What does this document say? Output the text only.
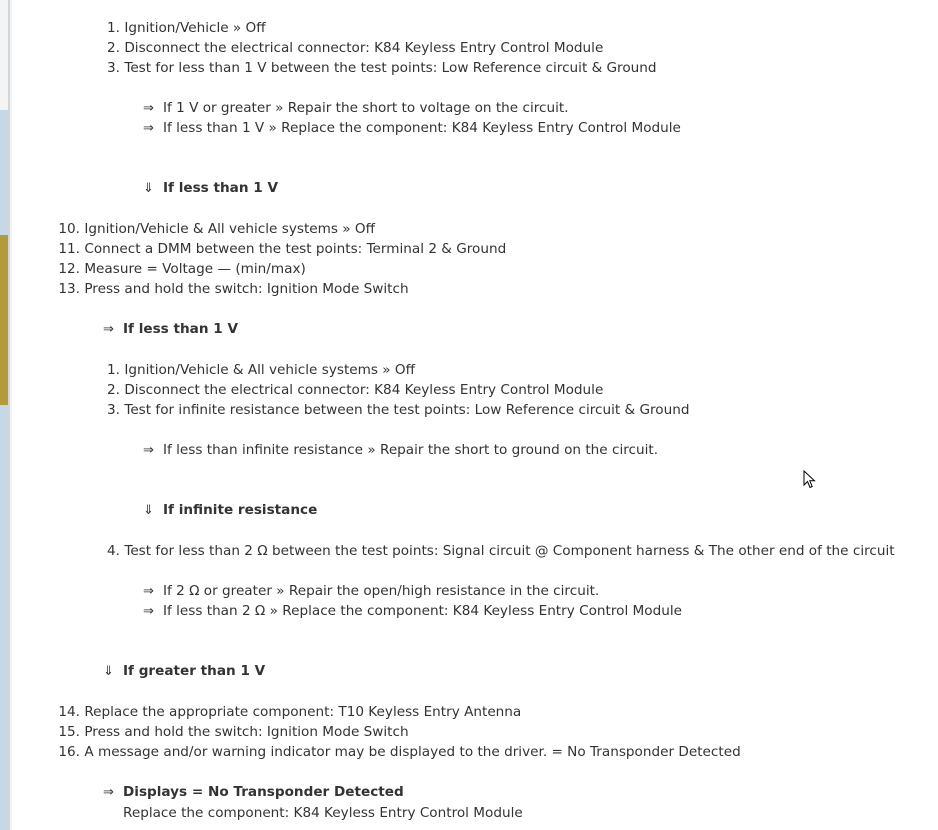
1. Ignition/Vehicle » Off
2. Disconnect the electrical connector: K84 Keyless Entry Control Module
3. Test for less than 1 V between the test points: Low Reference circuit & Ground
⇒ If 1 V or greater » Repair the short to voltage on the circuit.
⇒ If less than 1 V » Replace the component: K84 Keyless Entry Control Module
⇓ If less than 1 V
10. Ignition/Vehicle & All vehicle systems » Off
11. Connect a DMM between the test points: Terminal 2 & Ground
12. Measure = Voltage — (min/max)
13. Press and hold the switch: Ignition Mode Switch
⇒ If less than 1 V
1. Ignition/Vehicle & All vehicle systems » Off
2. Disconnect the electrical connector: K84 Keyless Entry Control Module
3. Test for infinite resistance between the test points: Low Reference circuit & Ground
⇒ If less than infinite resistance » Repair the short to ground on the circuit.
⇓ If infinite resistance
4. Test for less than 2 Ω between the test points: Signal circuit @ Component harness & The other end of the circuit
⇒ If 2 Ω or greater » Repair the open/high resistance in the circuit.
⇒ If less than 2 Ω » Replace the component: K84 Keyless Entry Control Module
⇓ If greater than 1 V
14. Replace the appropriate component: T10 Keyless Entry Antenna
15. Press and hold the switch: Ignition Mode Switch
16. A message and/or warning indicator may be displayed to the driver. = No Transponder Detected
⇒ Displays = No Transponder Detected
Replace the component: K84 Keyless Entry Control Module
